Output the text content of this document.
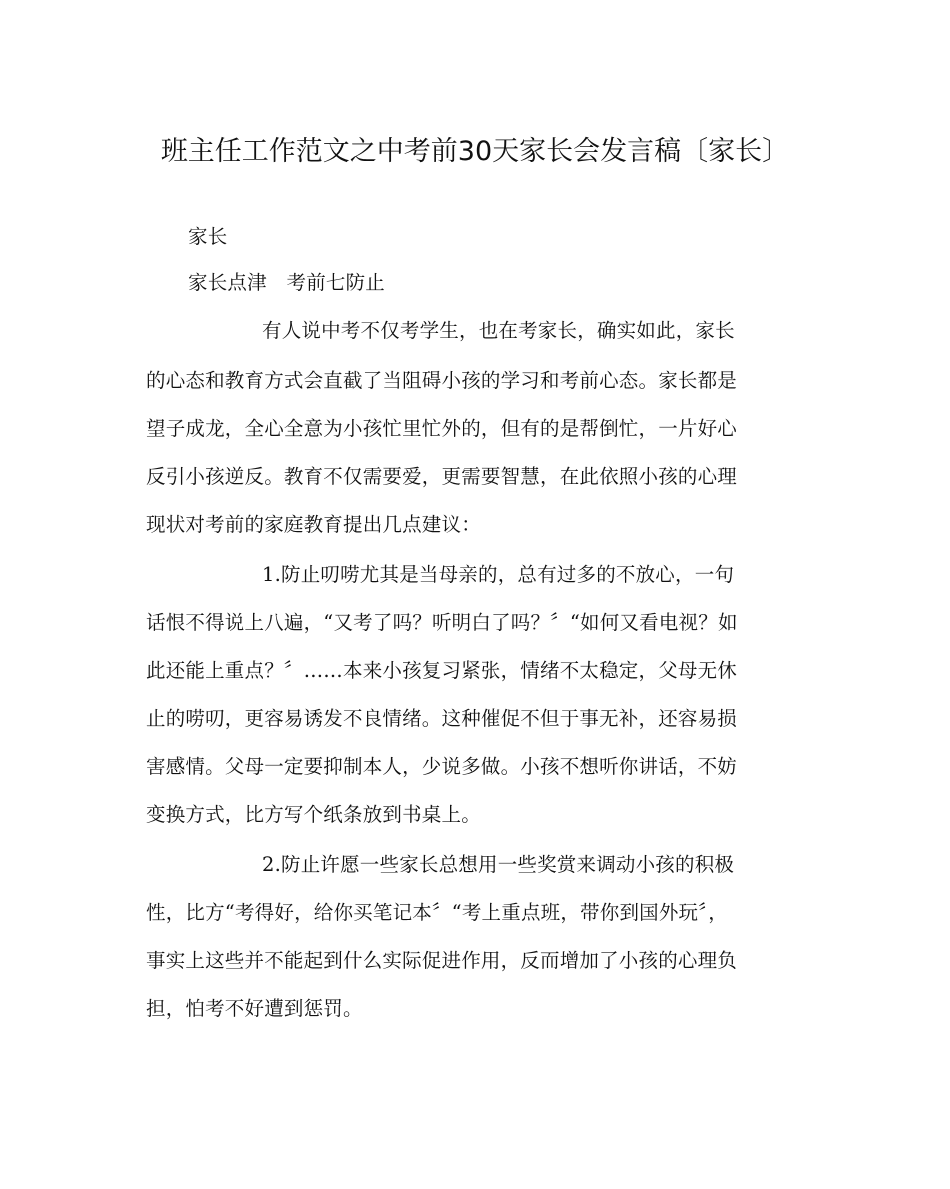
班主任工作范文之中考前30天家长会发言稿〔家长〕
家长
家长点津　考前七防止
有人说中考不仅考学生，也在考家长，确实如此，家长
的心态和教育方式会直截了当阻碍小孩的学习和考前心态。家长都是
望子成龙，全心全意为小孩忙里忙外的，但有的是帮倒忙，一片好心
反引小孩逆反。教育不仅需要爱，更需要智慧，在此依照小孩的心理
现状对考前的家庭教育提出几点建议：
1.防止叨唠尤其是当母亲的，总有过多的不放心，一句
话恨不得说上八遍，“又考了吗？听明白了吗？〞“如何又看电视？如
此还能上重点？〞……本来小孩复习紧张，情绪不太稳定，父母无休
止的唠叨，更容易诱发不良情绪。这种催促不但于事无补，还容易损
害感情。父母一定要抑制本人，少说多做。小孩不想听你讲话，不妨
变换方式，比方写个纸条放到书桌上。
2.防止许愿一些家长总想用一些奖赏来调动小孩的积极
性，比方“考得好，给你买笔记本〞“考上重点班，带你到国外玩〞，
事实上这些并不能起到什么实际促进作用，反而增加了小孩的心理负
担，怕考不好遭到惩罚。
